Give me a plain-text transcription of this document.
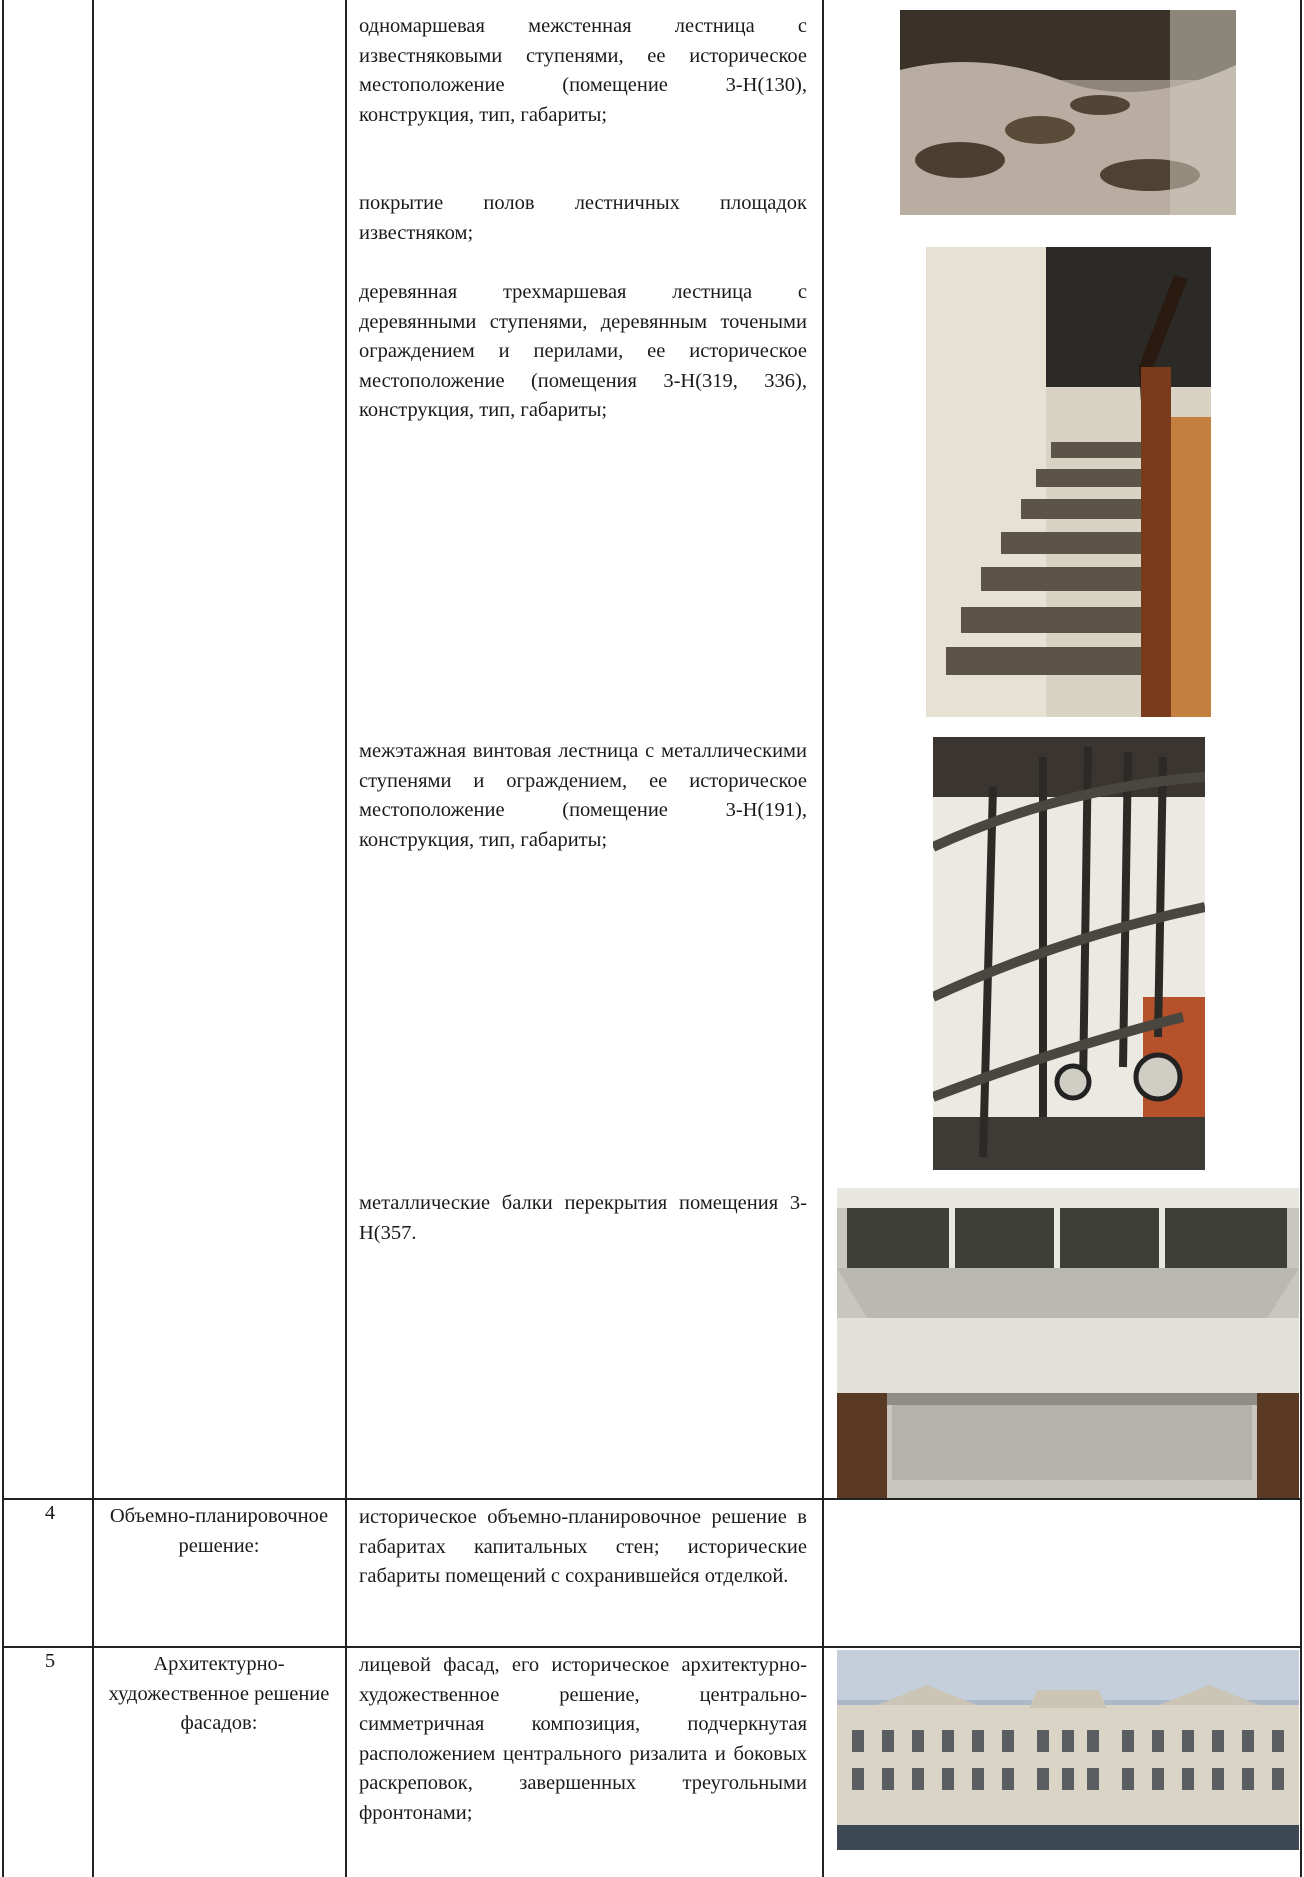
одномаршевая межстенная лестница с известняковыми ступенями, ее историческое местоположение (помещение 3-Н(130), конструкция, тип, габариты;

покрытие полов лестничных площадок известняком;

деревянная трехмаршевая лестница с деревянными ступенями, деревянным точеными ограждением и перилами, ее историческое местоположение (помещения 3-Н(319, 336), конструкция, тип, габариты;

межэтажная винтовая лестница с металлическими ступенями и ограждением, ее историческое местоположение (помещение 3-Н(191), конструкция, тип, габариты;

металлические балки перекрытия помещения 3-Н(357.

4	Объемно-планировочное решение:
историческое объемно-планировочное решение в габаритах капитальных стен; исторические габариты помещений с сохранившейся отделкой.
5	Архитектурно-художественное решение фасадов:
лицевой фасад, его историческое архитектурно-художественное решение, центрально-симметричная композиция, подчеркнутая расположением центрального ризалита и боковых раскреповок, завершенных треугольными фронтонами;
